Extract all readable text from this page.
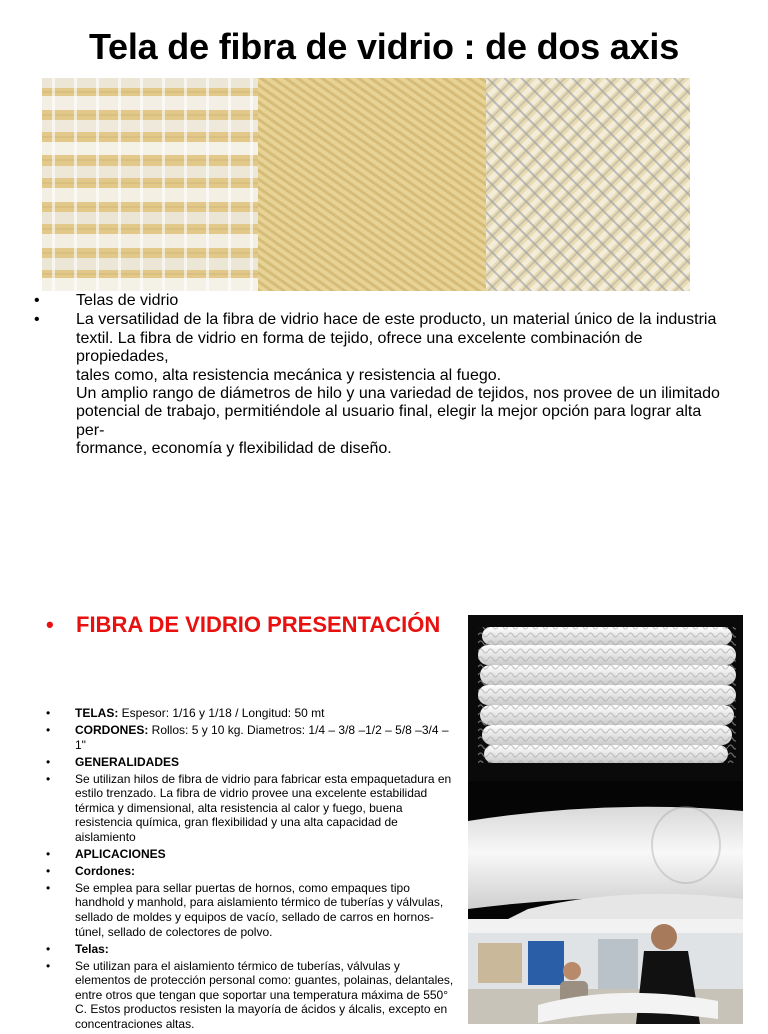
Tela de fibra de vidrio : de dos axis
• Telas de vidrio
• La versatilidad de la fibra de vidrio hace de este producto, un material único de la industria
textil. La fibra de vidrio en forma de tejido, ofrece una excelente combinación de propiedades,
tales como, alta resistencia mecánica y resistencia al fuego.
Un amplio rango de diámetros de hilo y una variedad de tejidos, nos provee de un ilimitado
potencial de trabajo, permitiéndole al usuario final, elegir la mejor opción para lograr alta per-
formance, economía y flexibilidad de diseño.
• FIBRA DE VIDRIO PRESENTACIÓN
• TELAS: Espesor: 1/16 y 1/18 / Longitud: 50 mt
• CORDONES: Rollos: 5 y 10 kg. Diametros: 1/4 – 3/8 –1/2 – 5/8 –3/4 – 1"
• GENERALIDADES
• Se utilizan hilos de fibra de vidrio para fabricar esta empaquetadura en estilo trenzado. La fibra de vidrio provee una excelente estabilidad térmica y dimensional, alta resistencia al calor y fuego, buena resistencia química, gran flexibilidad y una alta capacidad de aislamiento
• APLICACIONES
• Cordones:
• Se emplea para sellar puertas de hornos, como empaques tipo handhold y manhold, para aislamiento térmico de tuberías y válvulas, sellado de moldes y equipos de vacío, sellado de carros en hornos-túnel, sellado de colectores de polvo.
• Telas:
• Se utilizan para el aislamiento térmico de tuberías, válvulas y elementos de protección personal como: guantes, polainas, delantales, entre otros que tengan que soportar una temperatura máxima de 550° C. Estos productos resisten la mayoría de ácidos y álcalis, excepto en concentraciones altas.
